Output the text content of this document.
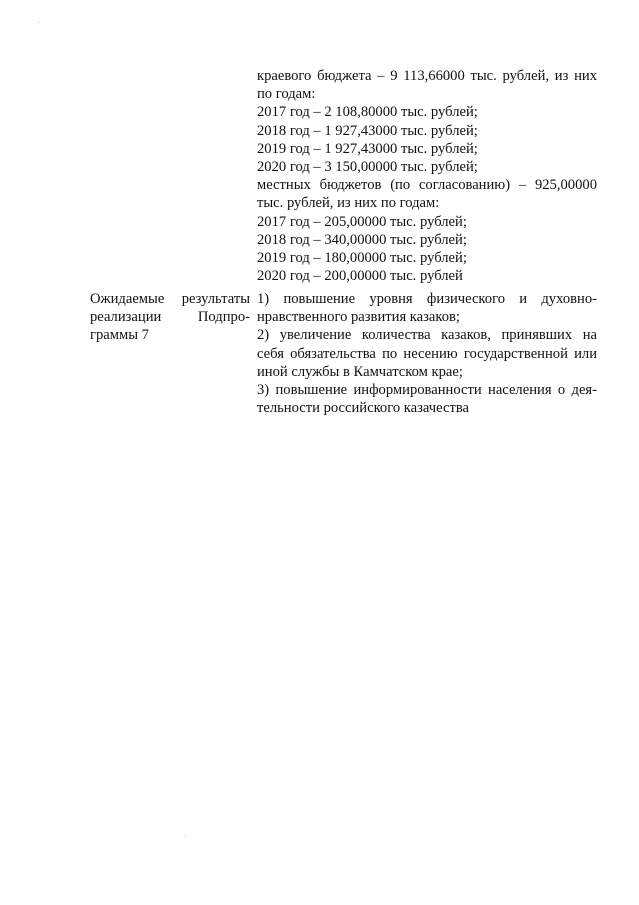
краевого бюджета – 9 113,66000 тыс. рублей, из них
по годам:
2017 год – 2 108,80000 тыс. рублей;
2018 год – 1 927,43000 тыс. рублей;
2019 год – 1 927,43000 тыс. рублей;
2020 год – 3 150,00000 тыс. рублей;
местных бюджетов (по согласованию) – 925,00000
тыс. рублей, из них по годам:
2017 год – 205,00000 тыс. рублей;
2018 год – 340,00000 тыс. рублей;
2019 год – 180,00000 тыс. рублей;
2020 год – 200,00000 тыс. рублей
Ожидаемые результаты
реализации Подпро-
граммы 7
1) повышение уровня физического и духовно-
нравственного развития казаков;
2) увеличение количества казаков, принявших на
себя обязательства по несению государственной или
иной службы в Камчатском крае;
3) повышение информированности населения о дея-
тельности российского казачества
